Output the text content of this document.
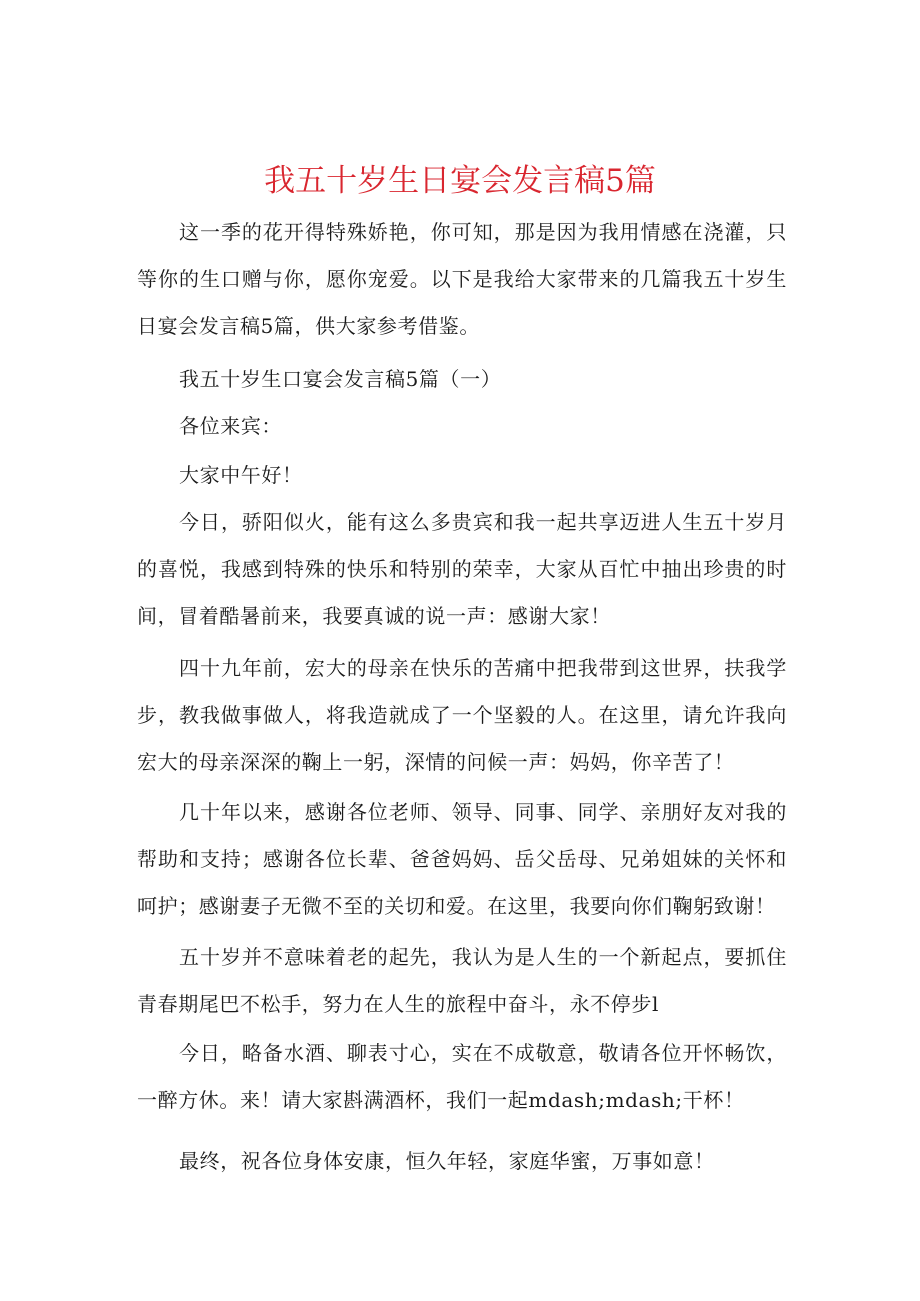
我五十岁生日宴会发言稿5篇

这一季的花开得特殊娇艳，你可知，那是因为我用情感在浇灌，只等你的生口赠与你，愿你宠爱。以下是我给大家带来的几篇我五十岁生日宴会发言稿5篇，供大家参考借鉴。

我五十岁生口宴会发言稿5篇（一）

各位来宾：

大家中午好！

今日，骄阳似火，能有这么多贵宾和我一起共享迈进人生五十岁月的喜悦，我感到特殊的快乐和特别的荣幸，大家从百忙中抽出珍贵的时间，冒着酷暑前来，我要真诚的说一声：感谢大家！

四十九年前，宏大的母亲在快乐的苦痛中把我带到这世界，扶我学步，教我做事做人，将我造就成了一个坚毅的人。在这里，请允许我向宏大的母亲深深的鞠上一躬，深情的问候一声：妈妈，你辛苦了！

几十年以来，感谢各位老师、领导、同事、同学、亲朋好友对我的帮助和支持；感谢各位长辈、爸爸妈妈、岳父岳母、兄弟姐妹的关怀和呵护；感谢妻子无微不至的关切和爱。在这里，我要向你们鞠躬致谢！

五十岁并不意味着老的起先，我认为是人生的一个新起点，要抓住青春期尾巴不松手，努力在人生的旅程中奋斗，永不停步l

今日，略备水酒、聊表寸心，实在不成敬意，敬请各位开怀畅饮，一醉方休。来！请大家斟满酒杯，我们一起mdash;mdash;干杯！

最终，祝各位身体安康，恒久年轻，家庭华蜜，万事如意！
